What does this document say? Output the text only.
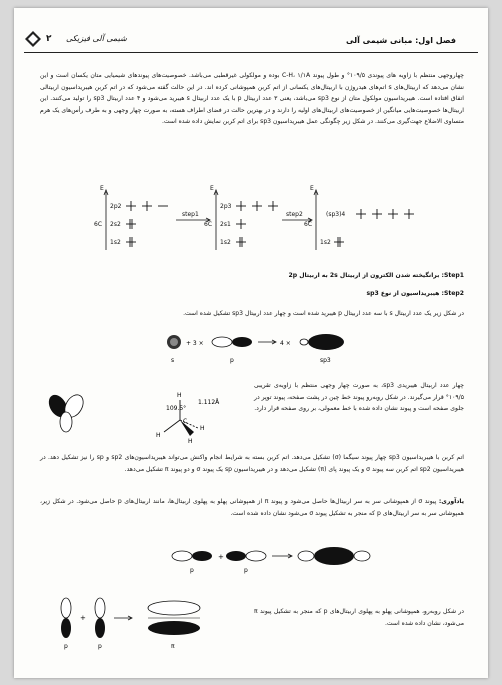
۲ شیمی آلی فیزیکی	فصل اول: مبانی شیمی آلی

چهاروجهی منتظم با زاویه های پیوندی ۱۰۹/۵° و طول پیوند C-H، ۱/۱A بوده و مولکولی غیرقطبی می‌باشد. خصوصیت‌های پیوندهای شیمیایی متان یکسان است و این نشان می‌دهد که اربیتال‌های s اتم‌های هیدروژن با اربیتال‌های یکسانی از اتم کربن همپوشانی کرده اند. در این حالت گفته می‌شود که در اتم کربن هیبریداسیون اربیتالی اتفاق افتاده است. هیبریداسیون مولکول متان از نوع sp3 می‌باشد، یعنی ۳ عدد اربیتال p با یک عدد اربیتال s هیبرید می‌شود و ۴ عدد اربیتال sp3 را تولید می‌کنند. این اربیتال‌ها خصوصیت‌هایی میانگین از خصوصیت‌های اربیتال‌های اولیه را دارند و در بهترین حالت در فضای اطراف هسته، به صورت چهار وجهی و به طرف رأس‌های یک هرم متساوی الاضلاع جهت‌گیری می‌کنند. در شکل زیر چگونگی عمل هیبریداسیون sp3 برای اتم کربن نمایش داده شده است.

E	E	E
6C	6C	6C
2p2
2s2
1s2
2p3
2s1
1s2
(sp3)4
1s2
step1	step2
Step1: برانگیخته شدن الکترون از اربیتال 2s به اربیتال 2p
Step2: هیبریداسیون از نوع sp3

در شکل زیر یک عدد اربیتال s با سه عدد اربیتال p هیبرید شده است و چهار عدد اربیتال sp3 تشکیل شده است.

+ 3 ×	4 ×
s	p	sp3
109.5°
1.112Å
H
C
H
H
H

چهار عدد اربیتال هیبریدی sp3، به صورت چهار وجهی منتظم با زاویه‌ی تقریبی ۱۰۹/۵° قرار می‌گیرند. در شکل روبه‌رو پیوند خط چین در پشت صفحه، پیوند توپر در جلوی صفحه است و پیوند نشان داده شده با خط معمولی، بر روی صفحه قرار دارد.

اتم کربن با هیبریداسیون sp3 چهار پیوند سیگما (σ) تشکیل می‌دهد. اتم کربن بسته به شرایط انجام واکنش می‌تواند هیبریداسیون‌های sp2 و sp را نیز تشکیل دهد. در هیبریداسیون sp2 اتم کربن سه پیوند σ و یک پیوند پای (π) تشکیل می‌دهد و در هیبریداسیون sp یک پیوند σ و دو پیوند π تشکیل می‌دهد.

یادآوری: پیوند σ از همپوشانی سر به سر اربیتال‌ها حاصل می‌شود و پیوند π از همپوشانی پهلو به پهلوی اربیتال‌ها، مانند اربیتال‌های p حاصل می‌شود. در شکل زیر، همپوشانی سر به سر اربیتال‌های p که منجر به تشکیل پیوند σ می‌شود نشان داده شده است.

+
p	p
+
p	p	π

در شکل روبه‌رو، همپوشانی پهلو به پهلوی اربیتال‌های p که منجر به تشکیل پیوند π می‌شود، نشان داده شده است.
